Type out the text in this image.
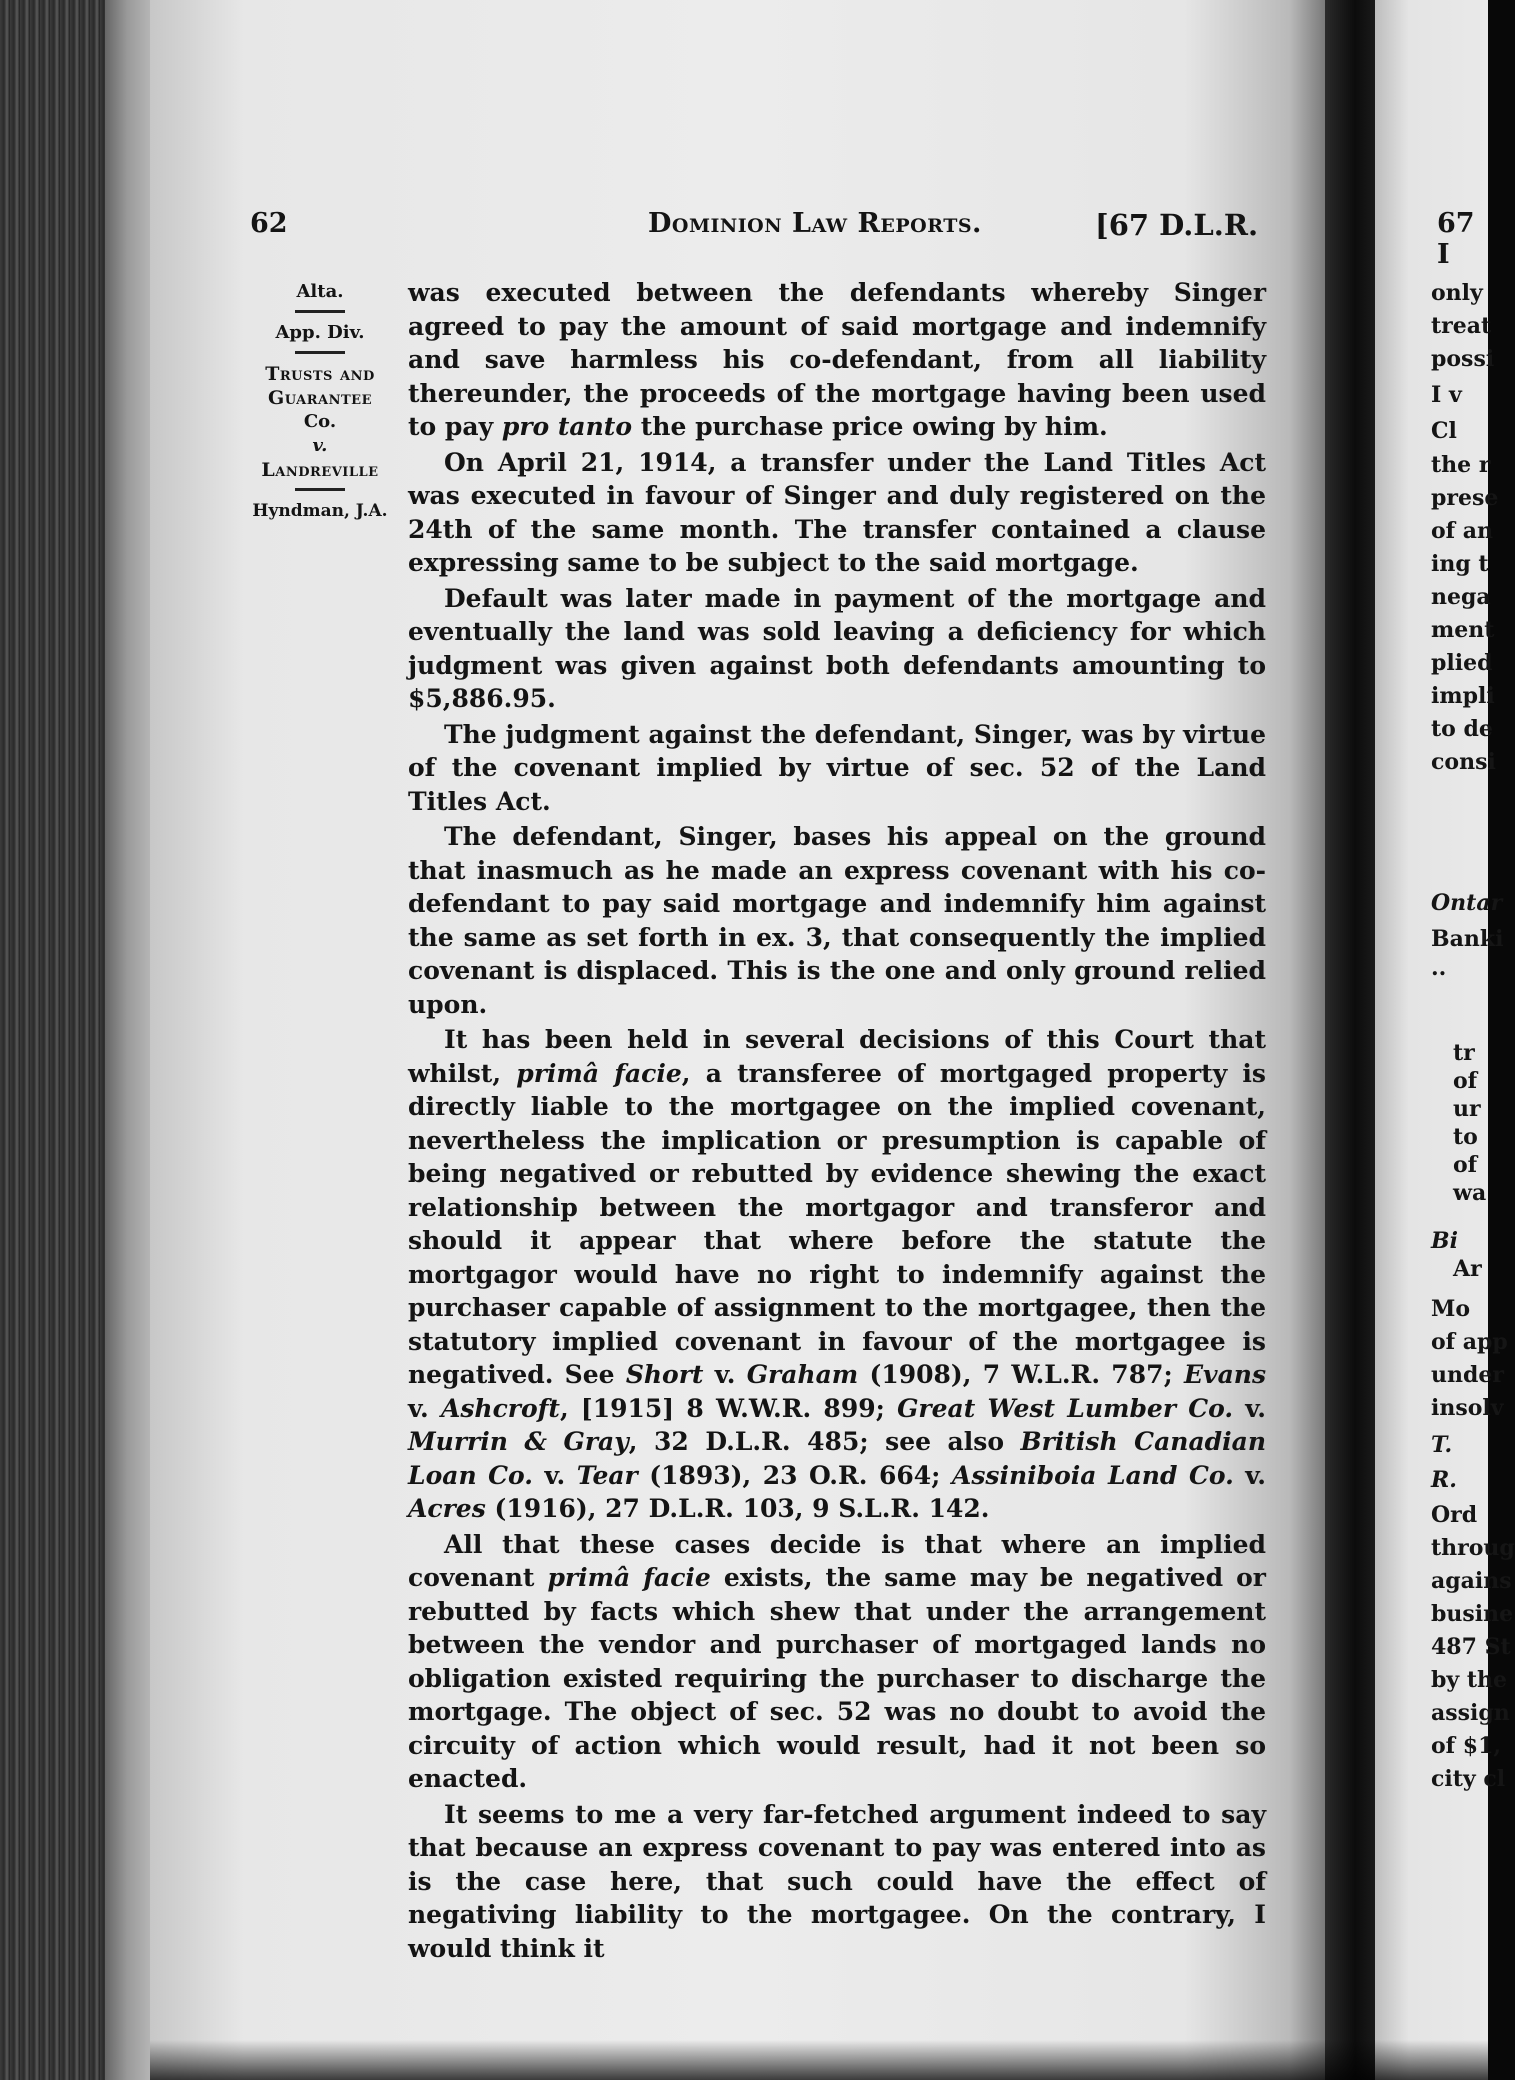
62	Dominion Law Reports.	[67 D.L.R.
Alta.
App. Div.
Trusts and
Guarantee
Co.
v.
Landreville
Hyndman, J.A.

was executed between the defendants whereby Singer agreed to pay the amount of said mortgage and indemnify and save harmless his co-defendant, from all liability thereunder, the proceeds of the mortgage having been used to pay pro tanto the purchase price owing by him.

On April 21, 1914, a transfer under the Land Titles Act was executed in favour of Singer and duly registered on the 24th of the same month. The transfer contained a clause expressing same to be subject to the said mortgage.

Default was later made in payment of the mortgage and eventually the land was sold leaving a deficiency for which judgment was given against both defendants amounting to $5,886.95.

The judgment against the defendant, Singer, was by virtue of the covenant implied by virtue of sec. 52 of the Land Titles Act.

The defendant, Singer, bases his appeal on the ground that inasmuch as he made an express covenant with his co-defendant to pay said mortgage and indemnify him against the same as set forth in ex. 3, that consequently the implied covenant is displaced. This is the one and only ground relied upon.

It has been held in several decisions of this Court that whilst, primâ facie, a transferee of mortgaged property is directly liable to the mortgagee on the implied covenant, nevertheless the implication or presumption is capable of being negatived or rebutted by evidence shewing the exact relationship between the mortgagor and transferor and should it appear that where before the statute the mortgagor would have no right to indemnify against the purchaser capable of assignment to the mortgagee, then the statutory implied covenant in favour of the mortgagee is negatived. See Short v. Graham (1908), 7 W.L.R. 787; Evans v. Ashcroft, [1915] 8 W.W.R. 899; Great West Lumber Co. v. Murrin & Gray, 32 D.L.R. 485; see also British Canadian Loan Co. v. Tear (1893), 23 O.R. 664; Assiniboia Land Co. v. Acres (1916), 27 D.L.R. 103, 9 S.L.R. 142.

All that these cases decide is that where an implied covenant primâ facie exists, the same may be negatived or rebutted by facts which shew that under the arrangement between the vendor and purchaser of mortgaged lands no obligation existed requiring the purchaser to discharge the mortgage. The object of sec. 52 was no doubt to avoid the circuity of action which would result, had it not been so enacted.

It seems to me a very far-fetched argument indeed to say that because an express covenant to pay was entered into as is the case here, that such could have the effect of negativing liability to the mortgagee. On the contrary, I would think it

67 I
only
treat
possi
I v
Cl
the r
prese
of an
ing t
nega
ment
plied
impli
to de
consi
Ontar
Banki
..
tr
of
ur
to
of
wa
Bi
Ar
Mo
of app
under
insolv
T.
R.
Ord
throug
agains
busine
487 St
by the
assign
of $1,
city cl
